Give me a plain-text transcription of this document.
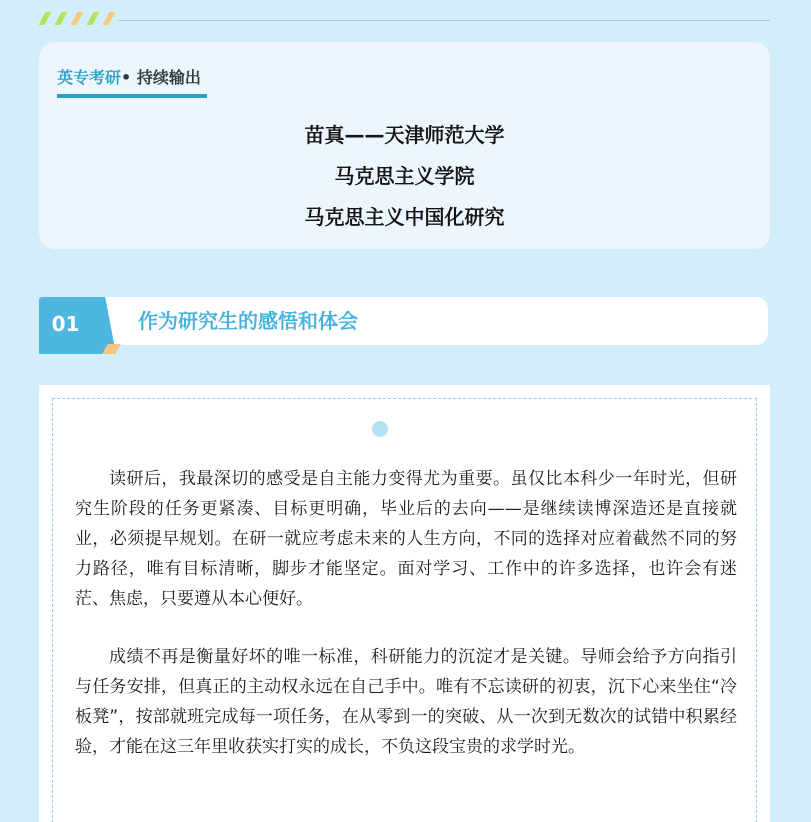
英专考研• 持续输出
苗真——天津师范大学
马克思主义学院
马克思主义中国化研究
01	作为研究生的感悟和体会

读研后，我最深切的感受是自主能力变得尤为重要。虽仅比本科少一年时光，但研究生阶段的任务更紧凑、目标更明确，毕业后的去向——是继续读博深造还是直接就业，必须提早规划。在研一就应考虑未来的人生方向，不同的选择对应着截然不同的努力路径，唯有目标清晰，脚步才能坚定。面对学习、工作中的许多选择，也许会有迷茫、焦虑，只要遵从本心便好。

成绩不再是衡量好坏的唯一标准，科研能力的沉淀才是关键。导师会给予方向指引与任务安排，但真正的主动权永远在自己手中。唯有不忘读研的初衷，沉下心来坐住“冷板凳”，按部就班完成每一项任务，在从零到一的突破、从一次到无数次的试错中积累经验，才能在这三年里收获实打实的成长，不负这段宝贵的求学时光。
